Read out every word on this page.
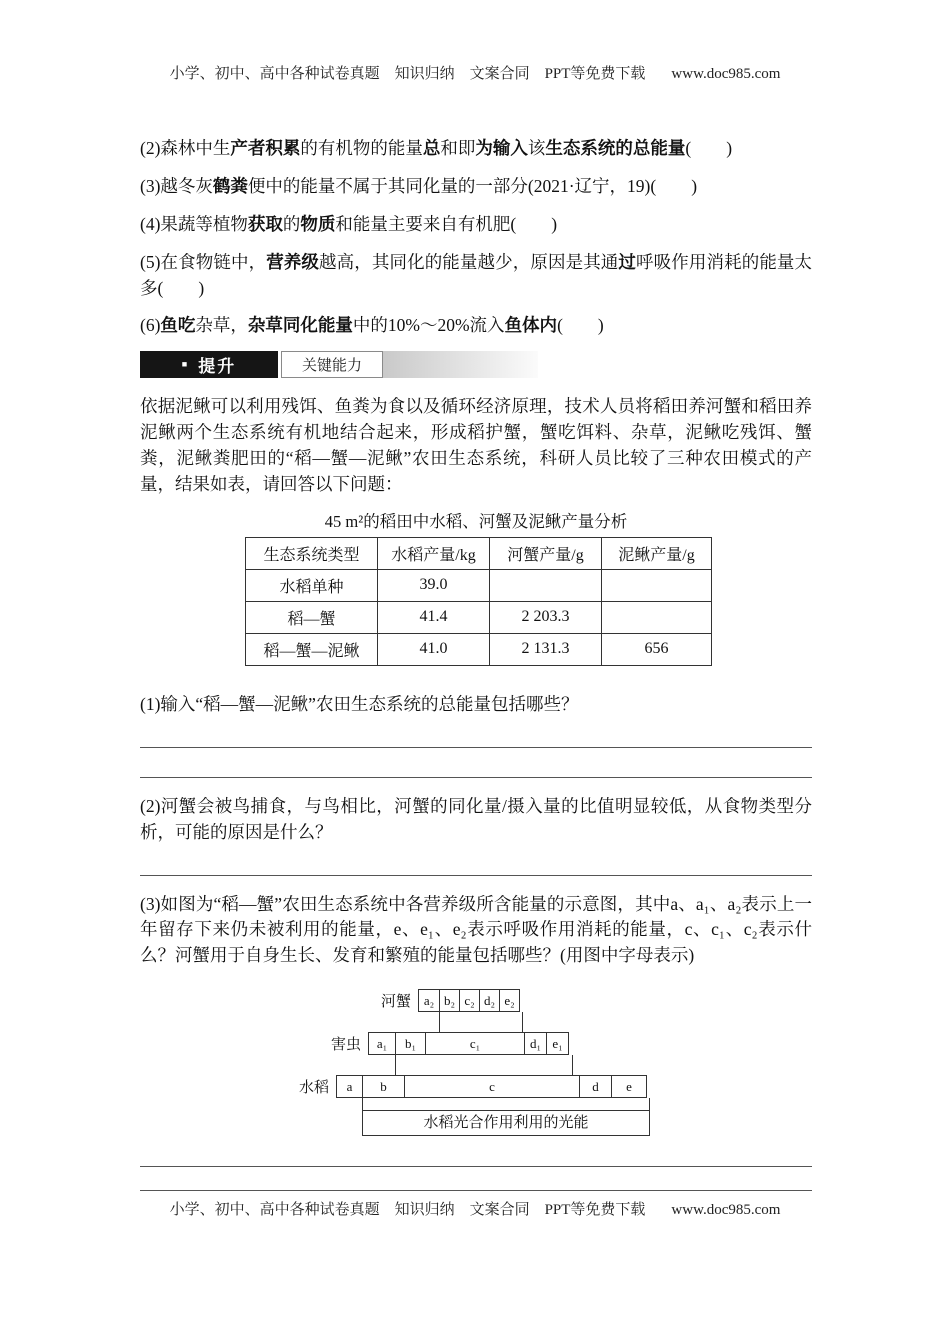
小学、初中、高中各种试卷真题　知识归纳　文案合同　PPT等免费下载 www.doc985.com

(2)森林中生产者积累的有机物的能量总和即为输入该生态系统的总能量(　　)

(3)越冬灰鹤粪便中的能量不属于其同化量的一部分(2021·辽宁，19)(　　)

(4)果蔬等植物获取的物质和能量主要来自有机肥(　　)

(5)在食物链中，营养级越高，其同化的能量越少，原因是其通过呼吸作用消耗的能量太多(　　)

(6)鱼吃杂草，杂草同化能量中的10%～20%流入鱼体内(　　)

■ 提升	关键能力

依据泥鳅可以利用残饵、鱼粪为食以及循环经济原理，技术人员将稻田养河蟹和稻田养泥鳅两个生态系统有机地结合起来，形成稻护蟹，蟹吃饵料、杂草，泥鳅吃残饵、蟹粪，泥鳅粪肥田的“稻—蟹—泥鳅”农田生态系统，科研人员比较了三种农田模式的产量，结果如表，请回答以下问题：

45 m²的稻田中水稻、河蟹及泥鳅产量分析
生态系统类型	水稻产量/kg	河蟹产量/g	泥鳅产量/g
水稻单种	39.0		
稻—蟹	41.4	2 203.3	
稻—蟹—泥鳅	41.0	2 131.3	656

(1)输入“稻—蟹—泥鳅”农田生态系统的总能量包括哪些？

(2)河蟹会被鸟捕食，与鸟相比，河蟹的同化量/摄入量的比值明显较低，从食物类型分析，可能的原因是什么？

(3)如图为“稻—蟹”农田生态系统中各营养级所含能量的示意图，其中a、a₁、a₂表示上一年留存下来仍未被利用的能量，e、e₁、e₂表示呼吸作用消耗的能量，c、c₁、c₂表示什么？河蟹用于自身生长、发育和繁殖的能量包括哪些？(用图中字母表示)

河蟹 a₂ b₂ c₂ d₂ e₂
害虫	a₁	b₁	c₁	d₁ e₁
水稻	a	b	c	d	e
水稻光合作用利用的光能
小学、初中、高中各种试卷真题　知识归纳　文案合同　PPT等免费下载 www.doc985.com
